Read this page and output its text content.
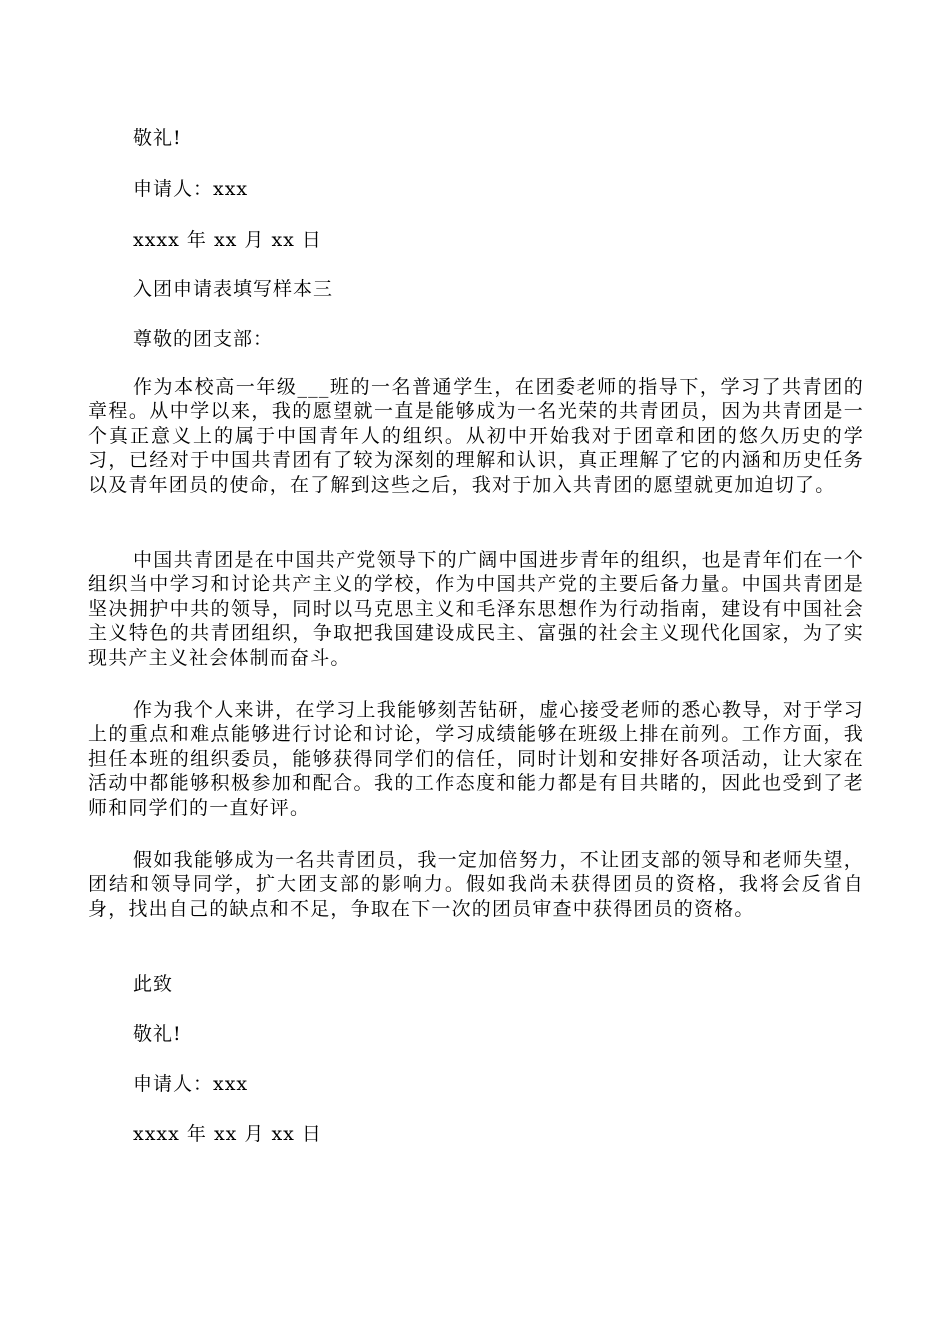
敬礼!
申请人：xxx
xxxx 年 xx 月 xx 日
入团申请表填写样本三
尊敬的团支部：

作为本校高一年级___班的一名普通学生，在团委老师的指导下，学习了共青团的章程。从中学以来，我的愿望就一直是能够成为一名光荣的共青团员，因为共青团是一个真正意义上的属于中国青年人的组织。从初中开始我对于团章和团的悠久历史的学习，已经对于中国共青团有了较为深刻的理解和认识，真正理解了它的内涵和历史任务以及青年团员的使命，在了解到这些之后，我对于加入共青团的愿望就更加迫切了。

中国共青团是在中国共产党领导下的广阔中国进步青年的组织，也是青年们在一个组织当中学习和讨论共产主义的学校，作为中国共产党的主要后备力量。中国共青团是坚决拥护中共的领导，同时以马克思主义和毛泽东思想作为行动指南，建设有中国社会主义特色的共青团组织，争取把我国建设成民主、富强的社会主义现代化国家，为了实现共产主义社会体制而奋斗。

作为我个人来讲，在学习上我能够刻苦钻研，虚心接受老师的悉心教导，对于学习上的重点和难点能够进行讨论和讨论，学习成绩能够在班级上排在前列。工作方面，我担任本班的组织委员，能够获得同学们的信任，同时计划和安排好各项活动，让大家在活动中都能够积极参加和配合。我的工作态度和能力都是有目共睹的，因此也受到了老师和同学们的一直好评。

假如我能够成为一名共青团员，我一定加倍努力，不让团支部的领导和老师失望，团结和领导同学，扩大团支部的影响力。假如我尚未获得团员的资格，我将会反省自身，找出自己的缺点和不足，争取在下一次的团员审查中获得团员的资格。

此致
敬礼!
申请人：xxx
xxxx 年 xx 月 xx 日
